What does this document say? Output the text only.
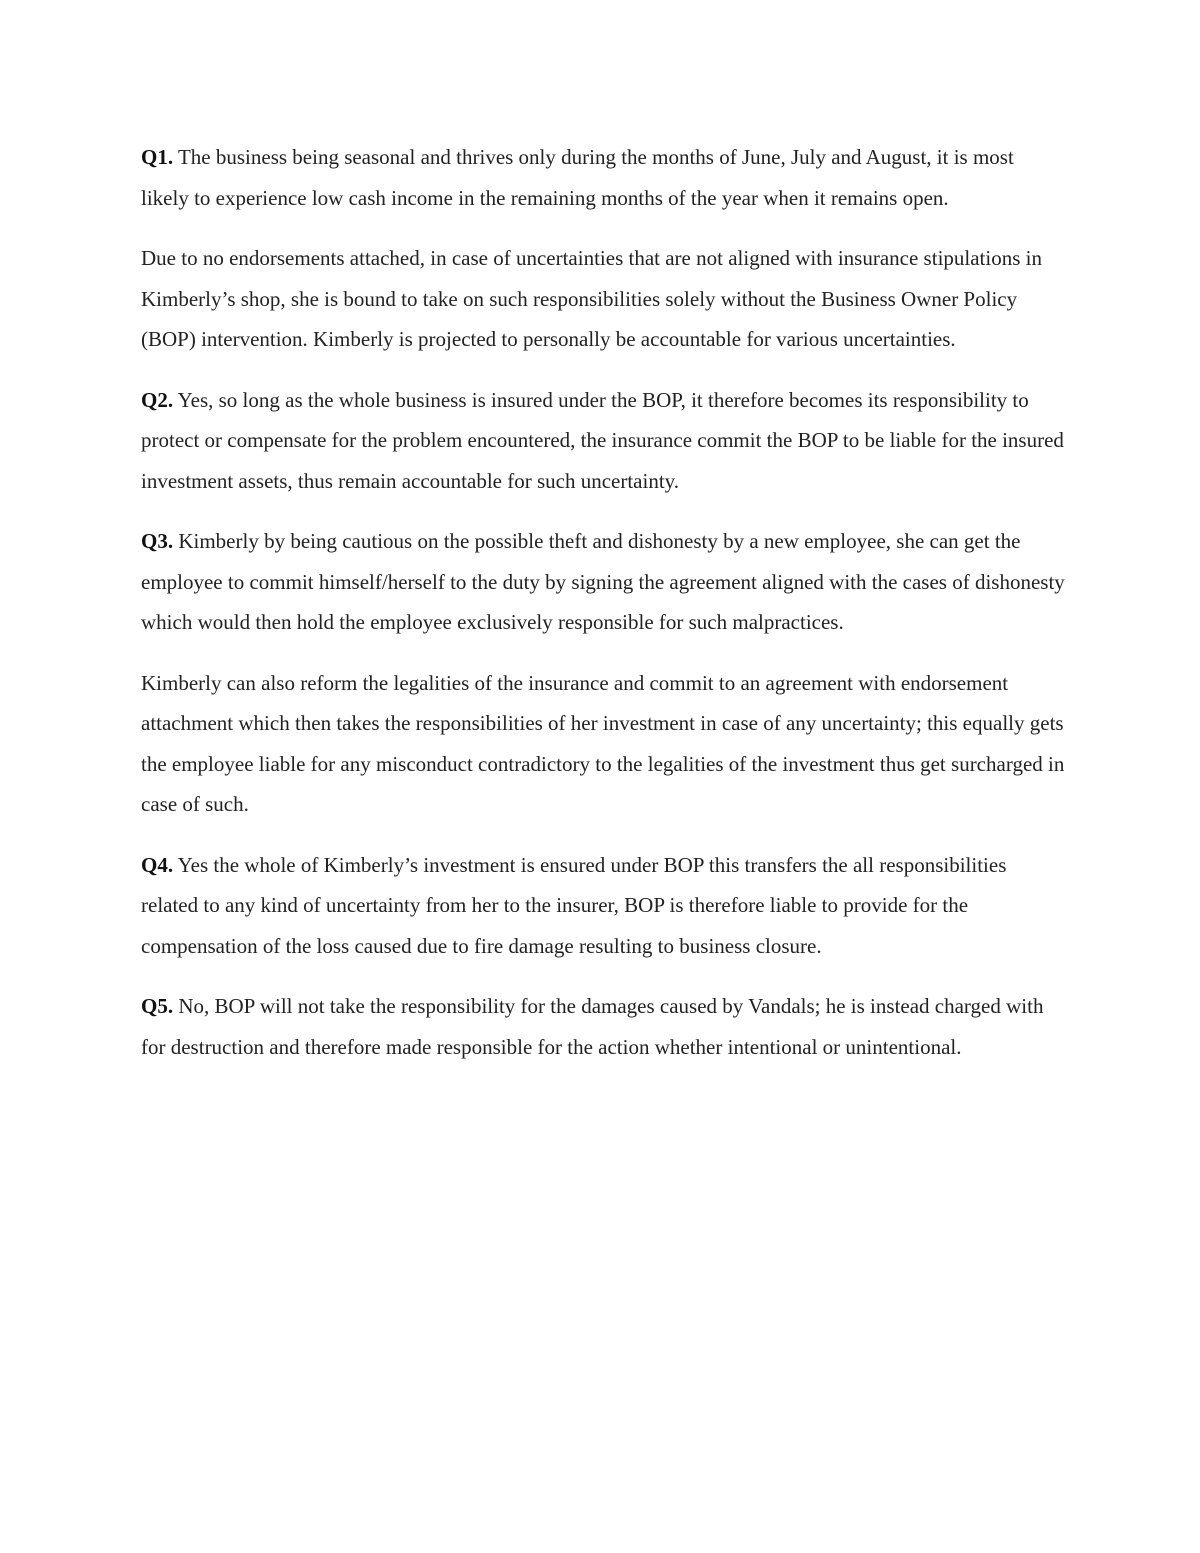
Q1. The business being seasonal and thrives only during the months of June, July and August, it is most likely to experience low cash income in the remaining months of the year when it remains open.

Due to no endorsements attached, in case of uncertainties that are not aligned with insurance stipulations in Kimberly’s shop, she is bound to take on such responsibilities solely without the Business Owner Policy (BOP) intervention. Kimberly is projected to personally be accountable for various uncertainties.

Q2. Yes, so long as the whole business is insured under the BOP, it therefore becomes its responsibility to protect or compensate for the problem encountered, the insurance commit the BOP to be liable for the insured investment assets, thus remain accountable for such uncertainty.

Q3. Kimberly by being cautious on the possible theft and dishonesty by a new employee, she can get the employee to commit himself/herself to the duty by signing the agreement aligned with the cases of dishonesty which would then hold the employee exclusively responsible for such malpractices.

Kimberly can also reform the legalities of the insurance and commit to an agreement with endorsement attachment which then takes the responsibilities of her investment in case of any uncertainty; this equally gets the employee liable for any misconduct contradictory to the legalities of the investment thus get surcharged in case of such.

Q4. Yes the whole of Kimberly’s investment is ensured under BOP this transfers the all responsibilities related to any kind of uncertainty from her to the insurer, BOP is therefore liable to provide for the compensation of the loss caused due to fire damage resulting to business closure.

Q5. No, BOP will not take the responsibility for the damages caused by Vandals; he is instead charged with for destruction and therefore made responsible for the action whether intentional or unintentional.
